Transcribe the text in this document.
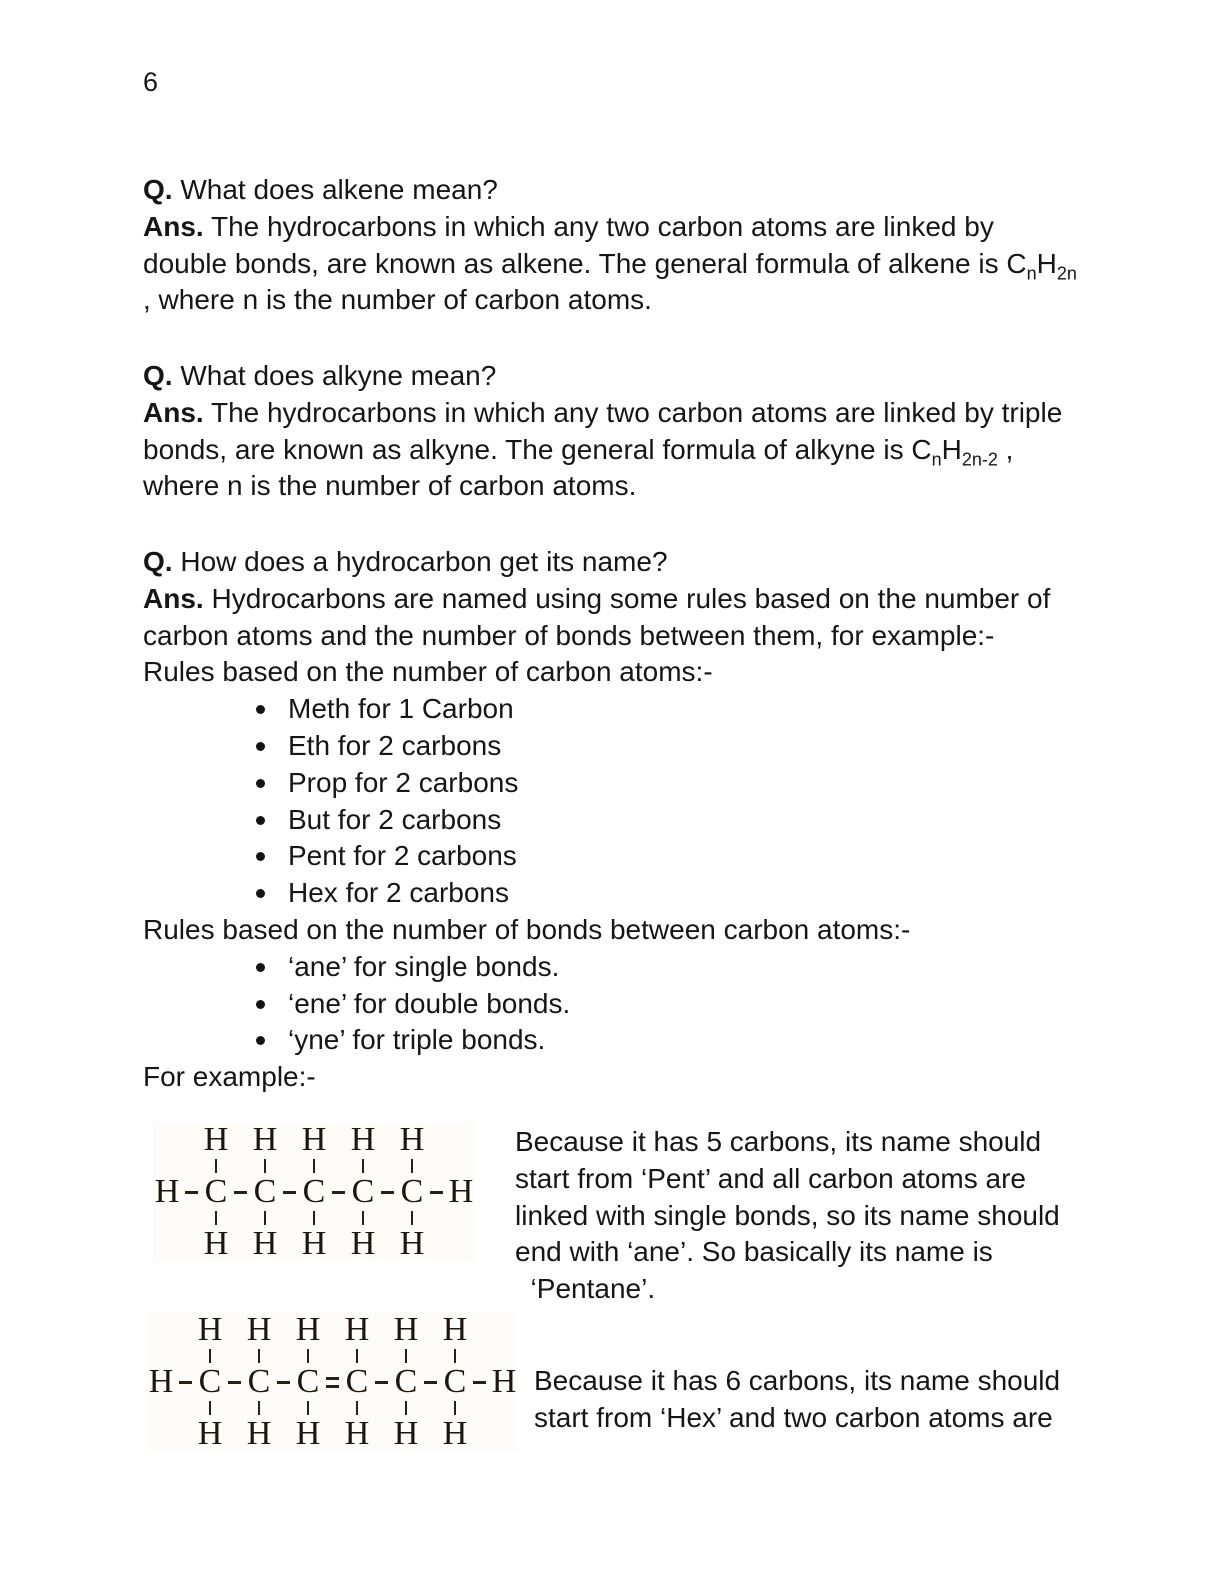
6
Q. What does alkene mean?
Ans. The hydrocarbons in which any two carbon atoms are linked by
double bonds, are known as alkene. The general formula of alkene is $C_nH_{2n}$
, where n is the number of carbon atoms.
Q. What does alkyne mean?
Ans. The hydrocarbons in which any two carbon atoms are linked by triple
bonds, are known as alkyne. The general formula of alkyne is $C_nH_{2n-2}$ ,
where n is the number of carbon atoms.
Q. How does a hydrocarbon get its name?
Ans. Hydrocarbons are named using some rules based on the number of
carbon atoms and the number of bonds between them, for example:-
Rules based on the number of carbon atoms:-
Meth for 1 Carbon
Eth for 2 carbons
Prop for 2 carbons
But for 2 carbons
Pent for 2 carbons
Hex for 2 carbons
Rules based on the number of bonds between carbon atoms:-
‘ane’ for single bonds.
‘ene’ for double bonds.
‘yne’ for triple bonds.
For example:-
H
H
C
H
H
C
H
H
C
H
H
C
H
H
C
H
H
Because it has 5 carbons, its name should
start from ‘Pent’ and all carbon atoms are
linked with single bonds, so its name should
end with ‘ane’. So basically its name is
‘Pentane’.
H
H
C
H
H
C
H
H
C
H
H
C
H
H
C
H
H
C
H
H Because it has 6 carbons, its name should
start from ‘Hex’ and two carbon atoms are
